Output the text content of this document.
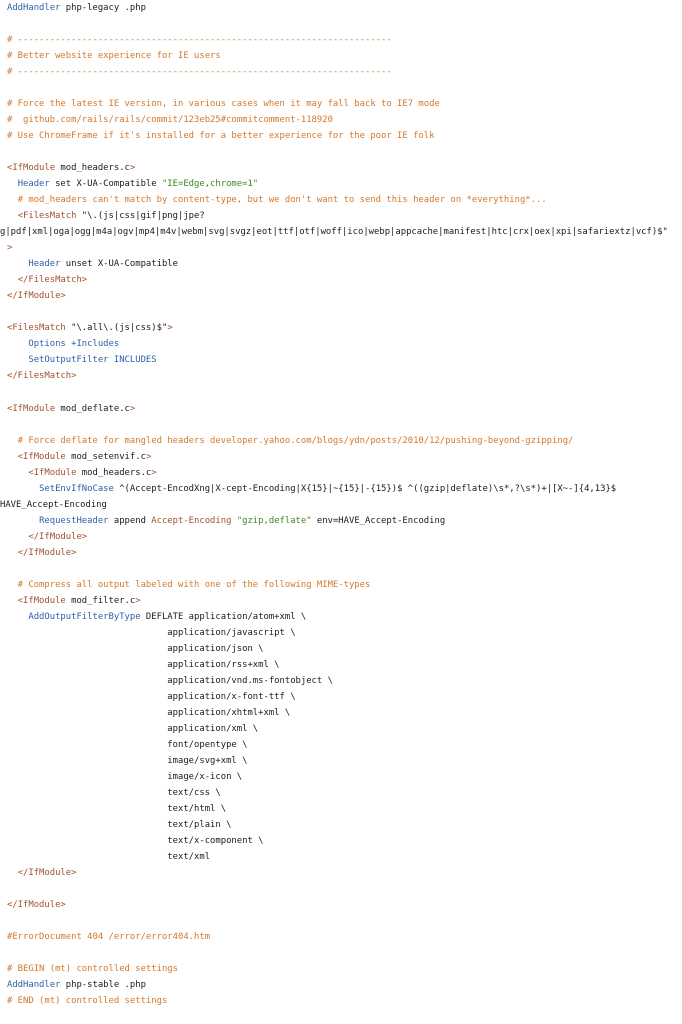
AddHandler php-legacy .php
# ----------------------------------------------------------------------
# Better website experience for IE users
# ----------------------------------------------------------------------
# Force the latest IE version, in various cases when it may fall back to IE7 mode
#  github.com/rails/rails/commit/123eb25#commitcomment-118920
# Use ChromeFrame if it's installed for a better experience for the poor IE folk
<IfModule mod_headers.c>
Header set X-UA-Compatible "IE=Edge,chrome=1"
# mod_headers can't match by content-type, but we don't want to send this header on *everything*...
<FilesMatch "\.(js|css|gif|png|jpe?
g|pdf|xml|oga|ogg|m4a|ogv|mp4|m4v|webm|svg|svgz|eot|ttf|otf|woff|ico|webp|appcache|manifest|htc|crx|oex|xpi|safariextz|vcf)$"
>
Header unset X-UA-Compatible
</FilesMatch>
</IfModule>
<FilesMatch "\.all\.(js|css)$">
Options +Includes
SetOutputFilter INCLUDES
</FilesMatch>
<IfModule mod_deflate.c>
# Force deflate for mangled headers developer.yahoo.com/blogs/ydn/posts/2010/12/pushing-beyond-gzipping/
<IfModule mod_setenvif.c>
<IfModule mod_headers.c>
SetEnvIfNoCase ^(Accept-EncodXng|X-cept-Encoding|X{15}|~{15}|-{15})$ ^((gzip|deflate)\s*,?\s*)+|[X~-]{4,13}$
HAVE_Accept-Encoding
RequestHeader append Accept-Encoding "gzip,deflate" env=HAVE_Accept-Encoding
</IfModule>
</IfModule>
# Compress all output labeled with one of the following MIME-types
<IfModule mod_filter.c>
AddOutputFilterByType DEFLATE application/atom+xml \
application/javascript \
application/json \
application/rss+xml \
application/vnd.ms-fontobject \
application/x-font-ttf \
application/xhtml+xml \
application/xml \
font/opentype \
image/svg+xml \
image/x-icon \
text/css \
text/html \
text/plain \
text/x-component \
text/xml
</IfModule>
</IfModule>
#ErrorDocument 404 /error/error404.htm
# BEGIN (mt) controlled settings
AddHandler php-stable .php
# END (mt) controlled settings
